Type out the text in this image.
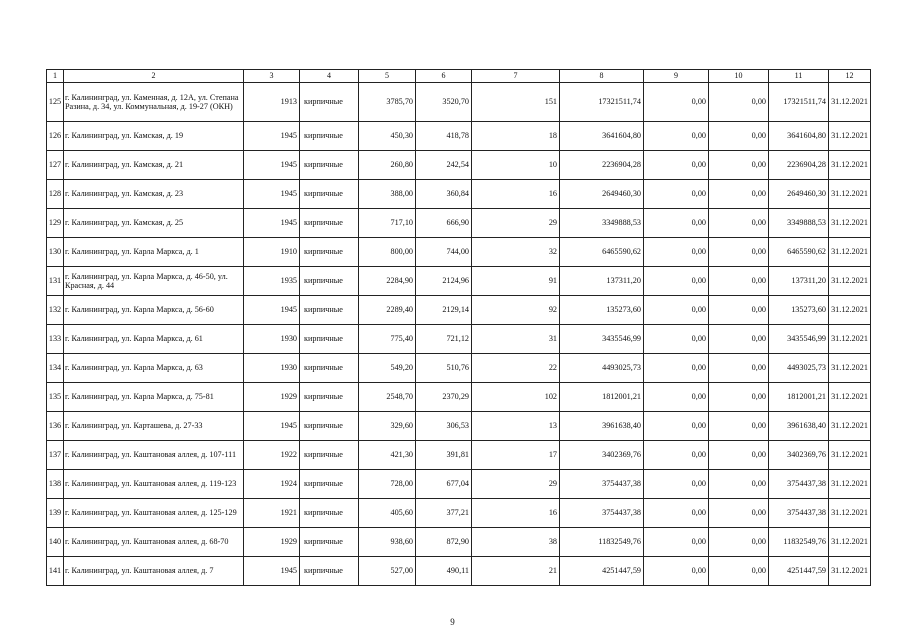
1	2	3	4	5	6	7	8	9	10	11	12
125	г. Калининград, ул. Каменная, д. 12А, ул. Степана Разина, д. 34, ул. Коммунальная, д. 19-27 (ОКН)	1913	кирпичные	3785,70	3520,70	151	17321511,74	0,00	0,00	17321511,74	31.12.2021
126	г. Калининград, ул. Камская, д. 19	1945	кирпичные	450,30	418,78	18	3641604,80	0,00	0,00	3641604,80	31.12.2021
127	г. Калининград, ул. Камская, д. 21	1945	кирпичные	260,80	242,54	10	2236904,28	0,00	0,00	2236904,28	31.12.2021
128	г. Калининград, ул. Камская, д. 23	1945	кирпичные	388,00	360,84	16	2649460,30	0,00	0,00	2649460,30	31.12.2021
129	г. Калининград, ул. Камская, д. 25	1945	кирпичные	717,10	666,90	29	3349888,53	0,00	0,00	3349888,53	31.12.2021
130	г. Калининград, ул. Карла Маркса, д. 1	1910	кирпичные	800,00	744,00	32	6465590,62	0,00	0,00	6465590,62	31.12.2021
131	г. Калининград, ул. Карла Маркса, д. 46-50, ул. Красная, д. 44	1935	кирпичные	2284,90	2124,96	91	137311,20	0,00	0,00	137311,20	31.12.2021
132	г. Калининград, ул. Карла Маркса, д. 56-60	1945	кирпичные	2289,40	2129,14	92	135273,60	0,00	0,00	135273,60	31.12.2021
133	г. Калининград, ул. Карла Маркса, д. 61	1930	кирпичные	775,40	721,12	31	3435546,99	0,00	0,00	3435546,99	31.12.2021
134	г. Калининград, ул. Карла Маркса, д. 63	1930	кирпичные	549,20	510,76	22	4493025,73	0,00	0,00	4493025,73	31.12.2021
135	г. Калининград, ул. Карла Маркса, д. 75-81	1929	кирпичные	2548,70	2370,29	102	1812001,21	0,00	0,00	1812001,21	31.12.2021
136	г. Калининград, ул. Карташева, д. 27-33	1945	кирпичные	329,60	306,53	13	3961638,40	0,00	0,00	3961638,40	31.12.2021
137	г. Калининград, ул. Каштановая аллея, д. 107-111	1922	кирпичные	421,30	391,81	17	3402369,76	0,00	0,00	3402369,76	31.12.2021
138	г. Калининград, ул. Каштановая аллея, д. 119-123	1924	кирпичные	728,00	677,04	29	3754437,38	0,00	0,00	3754437,38	31.12.2021
139	г. Калининград, ул. Каштановая аллея, д. 125-129	1921	кирпичные	405,60	377,21	16	3754437,38	0,00	0,00	3754437,38	31.12.2021
140	г. Калининград, ул. Каштановая аллея, д. 68-70	1929	кирпичные	938,60	872,90	38	11832549,76	0,00	0,00	11832549,76	31.12.2021
141	г. Калининград, ул. Каштановая аллея, д. 7	1945	кирпичные	527,00	490,11	21	4251447,59	0,00	0,00	4251447,59	31.12.2021
9
